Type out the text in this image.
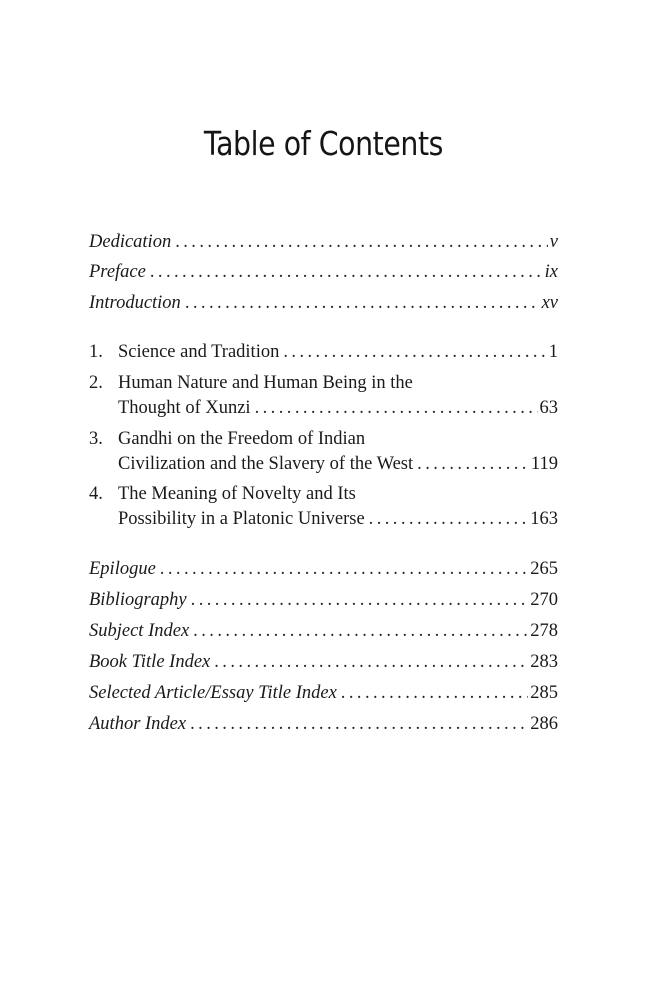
Table of Contents
Dedication . . .	v
Preface . . .	ix
Introduction . . .	xv
1. Science and Tradition . . .	1
2. Human Nature and Human Being in the
Thought of Xunzi . . .	63
3. Gandhi on the Freedom of Indian
Civilization and the Slavery of the West . . .	119
4. The Meaning of Novelty and Its
Possibility in a Platonic Universe . . .	163
Epilogue . . .	265
Bibliography . . .	270
Subject Index . . .	278
Book Title Index . . .	283
Selected Article/Essay Title Index . . .	285
Author Index . . .	286
